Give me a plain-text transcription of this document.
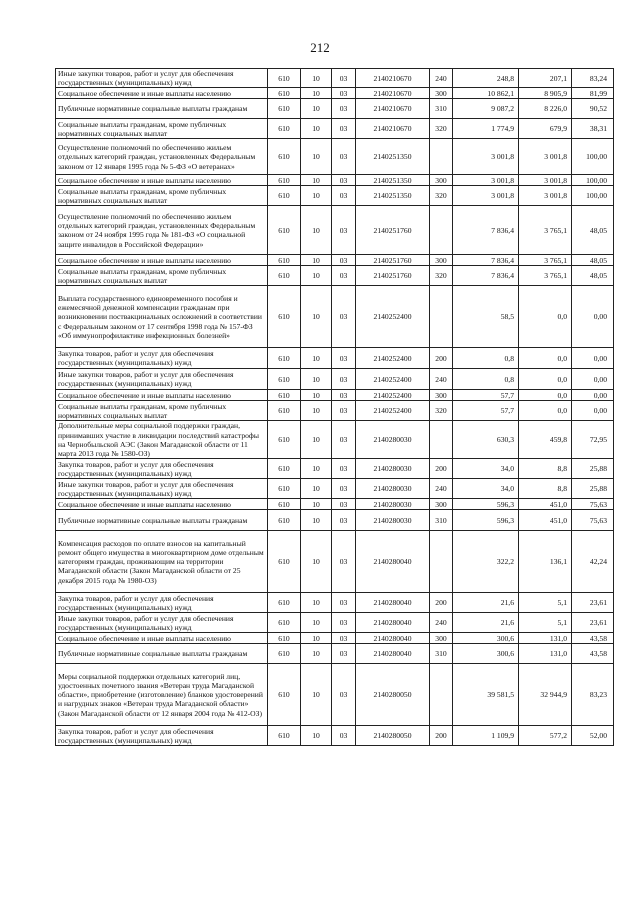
212
Иные закупки товаров, работ и услуг для обеспечения государственных (муниципальных) нужд	610	10	03	2140210670	240	248,8	207,1	83,24
Социальное обеспечение и иные выплаты населению	610	10	03	2140210670	300	10 862,1	8 905,9	81,99
Публичные нормативные социальные выплаты гражданам	610	10	03	2140210670	310	9 087,2	8 226,0	90,52
Социальные выплаты гражданам, кроме публичных нормативных социальных выплат	610	10	03	2140210670	320	1 774,9	679,9	38,31
Осуществление полномочий по обеспечению жильем отдельных категорий граждан, установленных Федеральным законом от 12 января 1995 года № 5-ФЗ «О ветеранах»	610	10	03	2140251350		3 001,8	3 001,8	100,00
Социальное обеспечение и иные выплаты населению	610	10	03	2140251350	300	3 001,8	3 001,8	100,00
Социальные выплаты гражданам, кроме публичных нормативных социальных выплат	610	10	03	2140251350	320	3 001,8	3 001,8	100,00
Осуществление полномочий по обеспечению жильем отдельных категорий граждан, установленных Федеральным законом от 24 ноября 1995 года № 181-ФЗ «О социальной защите инвалидов в Российской Федерации»	610	10	03	2140251760		7 836,4	3 765,1	48,05
Социальное обеспечение и иные выплаты населению	610	10	03	2140251760	300	7 836,4	3 765,1	48,05
Социальные выплаты гражданам, кроме публичных нормативных социальных выплат	610	10	03	2140251760	320	7 836,4	3 765,1	48,05
Выплата государственного единовременного пособия и ежемесячной денежной компенсации гражданам при возникновении поствакцинальных осложнений в соответствии с Федеральным законом от 17 сентября 1998 года № 157-ФЗ «Об иммунопрофилактике инфекционных болезней»	610	10	03	2140252400		58,5	0,0	0,00
Закупка товаров, работ и услуг для обеспечения государственных (муниципальных) нужд	610	10	03	2140252400	200	0,8	0,0	0,00
Иные закупки товаров, работ и услуг для обеспечения государственных (муниципальных) нужд	610	10	03	2140252400	240	0,8	0,0	0,00
Социальное обеспечение и иные выплаты населению	610	10	03	2140252400	300	57,7	0,0	0,00
Социальные выплаты гражданам, кроме публичных нормативных социальных выплат	610	10	03	2140252400	320	57,7	0,0	0,00
Дополнительные меры социальной поддержки граждан, принимавших участие в ликвидации последствий катастрофы на Чернобыльской АЭС (Закон Магаданской области от 11 марта 2013 года № 1580-ОЗ)	610	10	03	2140280030		630,3	459,8	72,95
Закупка товаров, работ и услуг для обеспечения государственных (муниципальных) нужд	610	10	03	2140280030	200	34,0	8,8	25,88
Иные закупки товаров, работ и услуг для обеспечения государственных (муниципальных) нужд	610	10	03	2140280030	240	34,0	8,8	25,88
Социальное обеспечение и иные выплаты населению	610	10	03	2140280030	300	596,3	451,0	75,63
Публичные нормативные социальные выплаты гражданам	610	10	03	2140280030	310	596,3	451,0	75,63
Компенсация расходов по оплате взносов на капитальный ремонт общего имущества в многоквартирном доме отдельным категориям граждан, проживающим на территории Магаданской области (Закон Магаданской области от 25 декабря 2015 года № 1980-ОЗ)	610	10	03	2140280040		322,2	136,1	42,24
Закупка товаров, работ и услуг для обеспечения государственных (муниципальных) нужд	610	10	03	2140280040	200	21,6	5,1	23,61
Иные закупки товаров, работ и услуг для обеспечения государственных (муниципальных) нужд	610	10	03	2140280040	240	21,6	5,1	23,61
Социальное обеспечение и иные выплаты населению	610	10	03	2140280040	300	300,6	131,0	43,58
Публичные нормативные социальные выплаты гражданам	610	10	03	2140280040	310	300,6	131,0	43,58
Меры социальной поддержки отдельных категорий лиц, удостоенных почетного звания «Ветеран труда Магаданской области», приобретение (изготовление) бланков удостоверений и нагрудных знаков «Ветеран труда Магаданской области» (Закон Магаданской области от 12 января 2004 года № 412-ОЗ)	610	10	03	2140280050		39 581,5	32 944,9	83,23
Закупка товаров, работ и услуг для обеспечения государственных (муниципальных) нужд	610	10	03	2140280050	200	1 109,9	577,2	52,00
